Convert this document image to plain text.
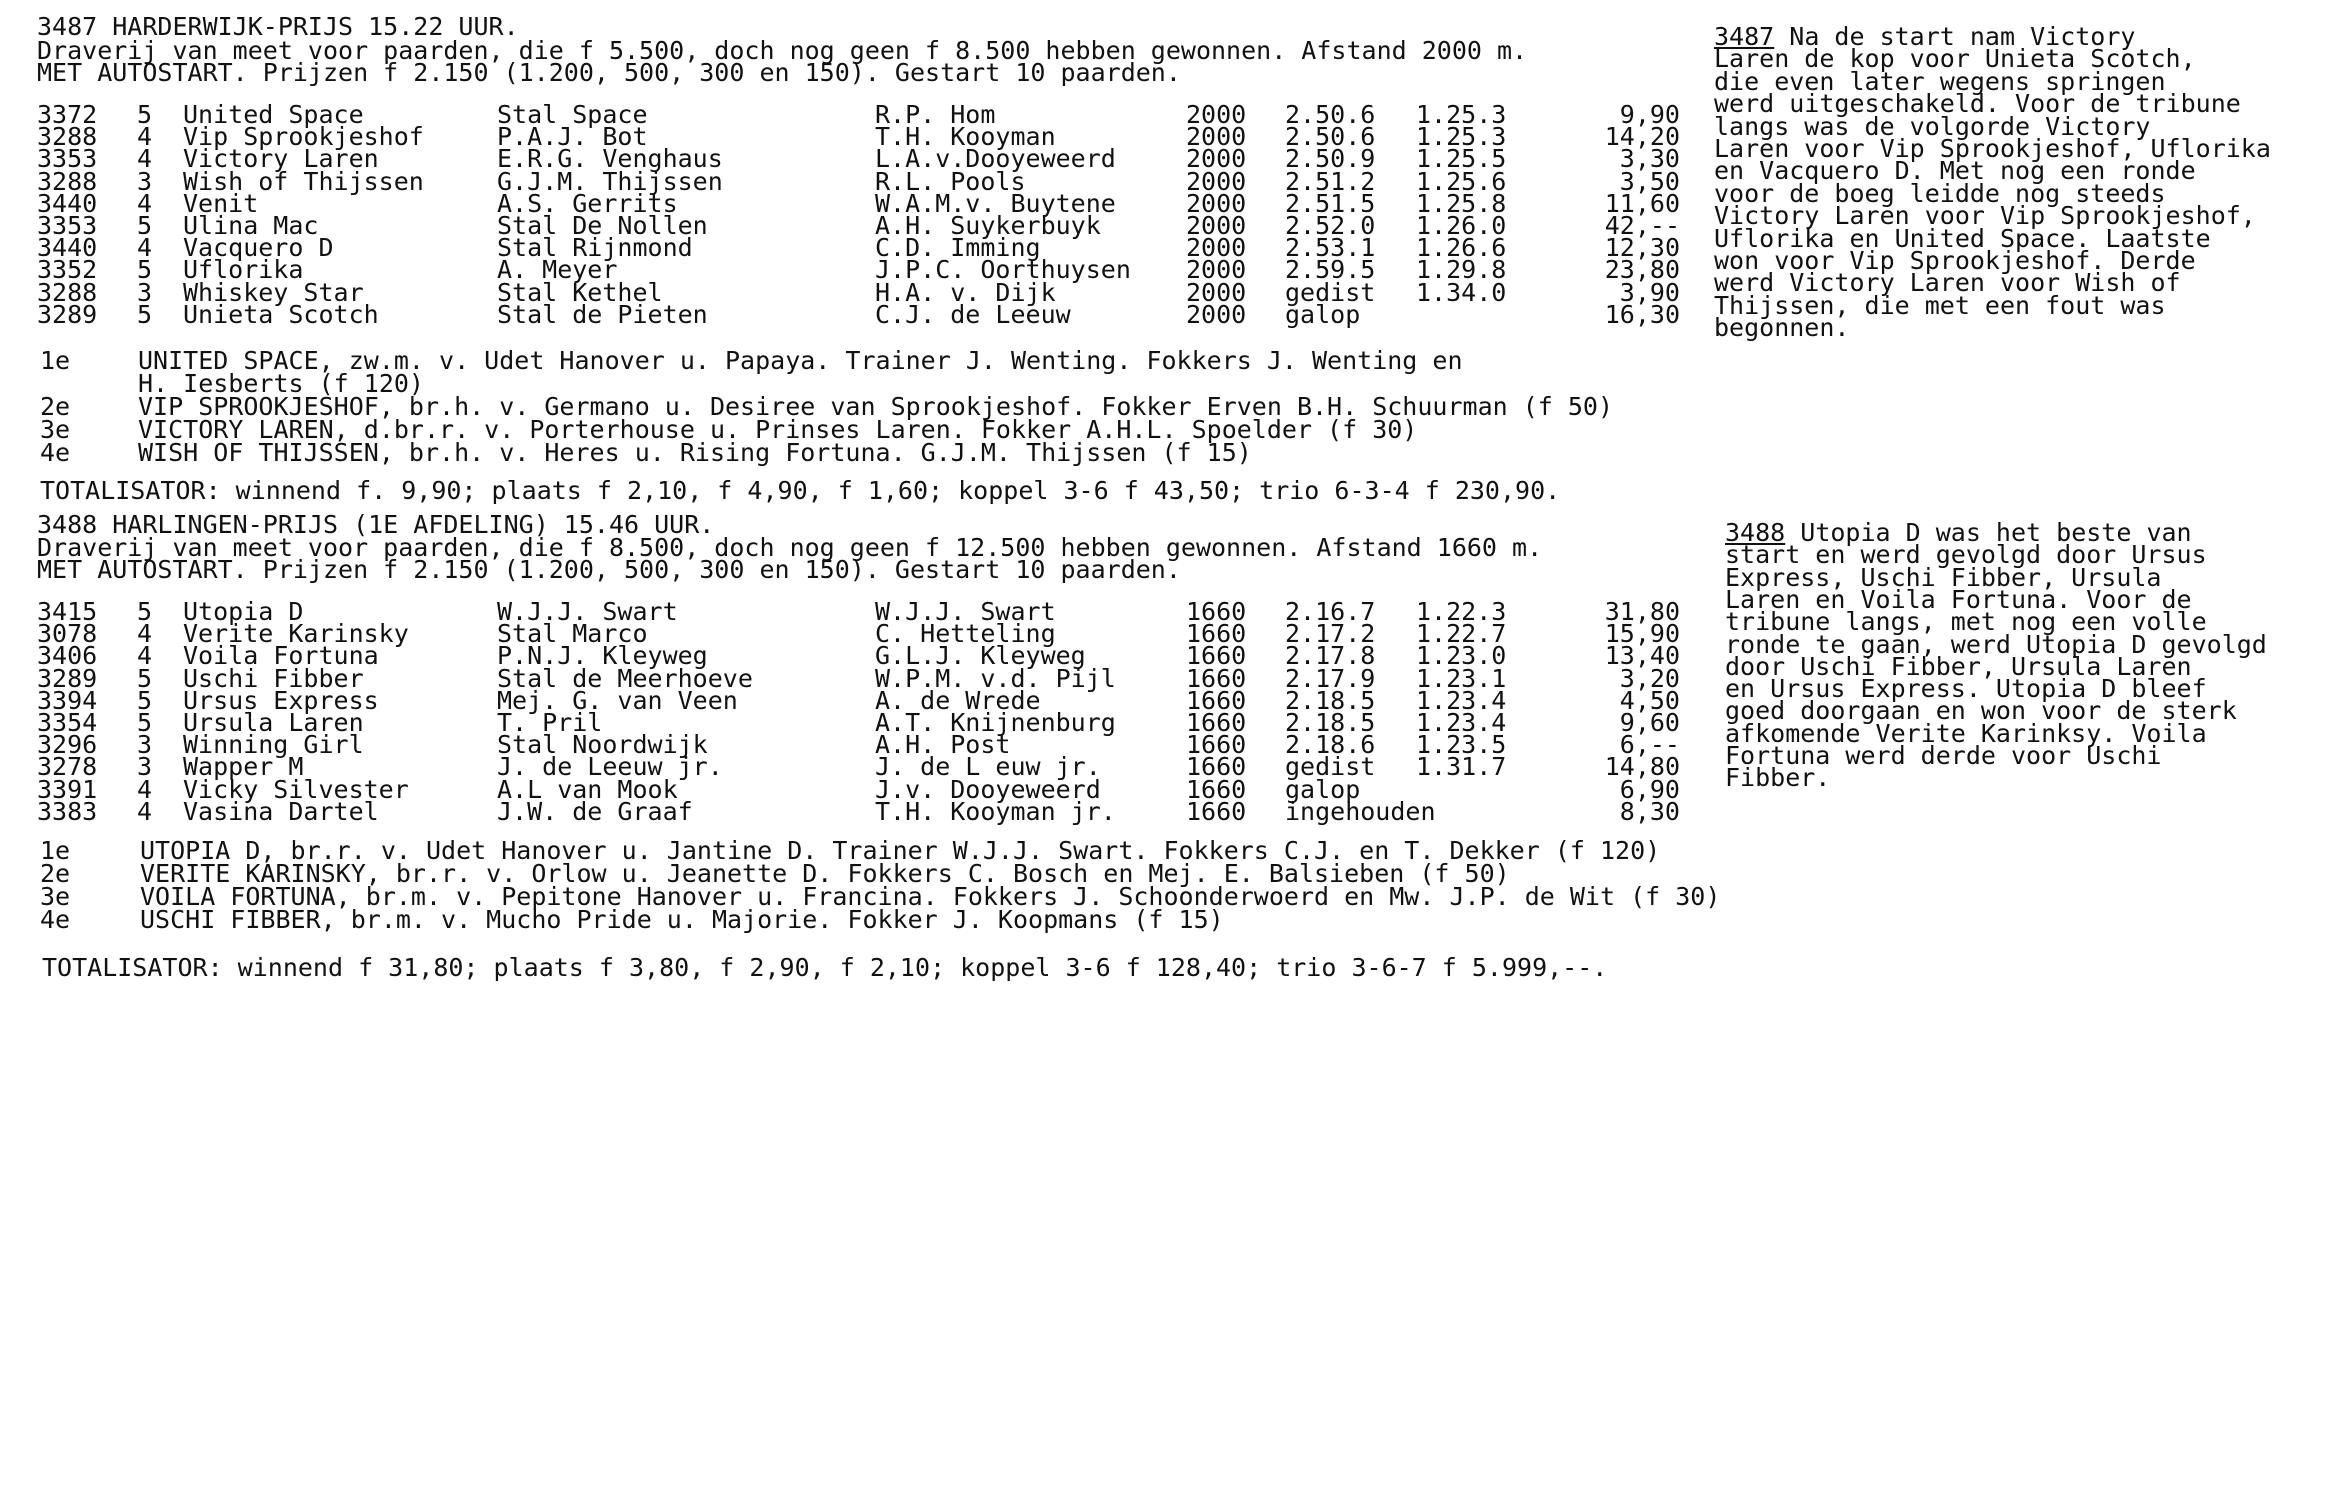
3487 HARDERWIJK-PRIJS 15.22 UUR.
Draverij van meet voor paarden, die f 5.500, doch nog geen f 8.500 hebben gewonnen. Afstand 2000 m.
MET AUTOSTART. Prijzen f 2.150 (1.200, 500, 300 en 150). Gestart 10 paarden.
3372	5 United Space	Stal Space	R.P. Hom	2000	2.50.6	1.25.3	9,90
3288	4 Vip Sprookjeshof	P.A.J. Bot	T.H. Kooyman	2000	2.50.6	1.25.3	14,20
3353	4 Victory Laren	E.R.G. Venghaus	L.A.v.Dooyeweerd	2000	2.50.9	1.25.5	3,30
3288	3 Wish of Thijssen	G.J.M. Thijssen	R.L. Pools	2000	2.51.2	1.25.6	3,50
3440	4 Venit	A.S. Gerrits	W.A.M.v. Buytene	2000	2.51.5	1.25.8	11,60
3353	5 Ulina Mac	Stal De Nollen	A.H. Suykerbuyk	2000	2.52.0	1.26.0	42,--
3440	4 Vacquero D	Stal Rijnmond	C.D. Imming	2000	2.53.1	1.26.6	12,30
3352	5 Uflorika	A. Meyer	J.P.C. Oorthuysen	2000	2.59.5	1.29.8	23,80
3288	3 Whiskey Star	Stal Kethel	H.A. v. Dijk	2000	gedist	1.34.0	3,90
3289	5 Unieta Scotch	Stal de Pieten	C.J. de Leeuw	2000	galop	16,30
1e	UNITED SPACE, zw.m. v. Udet Hanover u. Papaya. Trainer J. Wenting. Fokkers J. Wenting en
H. Iesberts (f 120)
2e	VIP SPROOKJESHOF, br.h. v. Germano u. Desiree van Sprookjeshof. Fokker Erven B.H. Schuurman (f 50)
3e	VICTORY LAREN, d.br.r. v. Porterhouse u. Prinses Laren. Fokker A.H.L. Spoelder (f 30)
4e	WISH OF THIJSSEN, br.h. v. Heres u. Rising Fortuna. G.J.M. Thijssen (f 15)
TOTALISATOR: winnend f. 9,90; plaats f 2,10, f 4,90, f 1,60; koppel 3-6 f 43,50; trio 6-3-4 f 230,90.
3487 Na de start nam Victory
Laren de kop voor Unieta Scotch,
die even later wegens springen
werd uitgeschakeld. Voor de tribune
langs was de volgorde Victory
Laren voor Vip Sprookjeshof, Uflorika
en Vacquero D. Met nog een ronde
voor de boeg leidde nog steeds
Victory Laren voor Vip Sprookjeshof,
Uflorika en United Space. Laatste
won voor Vip Sprookjeshof. Derde
werd Victory Laren voor Wish of
Thijssen, die met een fout was
begonnen.
3488 HARLINGEN-PRIJS (1E AFDELING) 15.46 UUR.
Draverij van meet voor paarden, die f 8.500, doch nog geen f 12.500 hebben gewonnen. Afstand 1660 m.
MET AUTOSTART. Prijzen f 2.150 (1.200, 500, 300 en 150). Gestart 10 paarden.
3415	5 Utopia D	W.J.J. Swart	W.J.J. Swart	1660	2.16.7	1.22.3	31,80
3078	4 Verite Karinsky	Stal Marco	C. Hetteling	1660	2.17.2	1.22.7	15,90
3406	4 Voila Fortuna	P.N.J. Kleyweg	G.L.J. Kleyweg	1660	2.17.8	1.23.0	13,40
3289	5 Uschi Fibber	Stal de Meerhoeve	W.P.M. v.d. Pijl	1660	2.17.9	1.23.1	3,20
3394	5 Ursus Express	Mej. G. van Veen	A. de Wrede	1660	2.18.5	1.23.4	4,50
3354	5 Ursula Laren	T. Pril	A.T. Knijnenburg	1660	2.18.5	1.23.4	9,60
3296	3 Winning Girl	Stal Noordwijk	A.H. Post	1660	2.18.6	1.23.5	6,--
3278	3 Wapper M	J. de Leeuw jr.	J. de L euw jr.	1660	gedist	1.31.7	14,80
3391	4 Vicky Silvester	A.L van Mook	J.v. Dooyeweerd	1660	galop	6,90
3383	4 Vasina Dartel	J.W. de Graaf	T.H. Kooyman jr.	1660	ingehouden	8,30
1e	UTOPIA D, br.r. v. Udet Hanover u. Jantine D. Trainer W.J.J. Swart. Fokkers C.J. en T. Dekker (f 120)
2e	VERITE KARINSKY, br.r. v. Orlow u. Jeanette D. Fokkers C. Bosch en Mej. E. Balsieben (f 50)
3e	VOILA FORTUNA, br.m. v. Pepitone Hanover u. Francina. Fokkers J. Schoonderwoerd en Mw. J.P. de Wit (f 30)
4e	USCHI FIBBER, br.m. v. Mucho Pride u. Majorie. Fokker J. Koopmans (f 15)
TOTALISATOR: winnend f 31,80; plaats f 3,80, f 2,90, f 2,10; koppel 3-6 f 128,40; trio 3-6-7 f 5.999,--.
3488 Utopia D was het beste van
start en werd gevolgd door Ursus
Express, Uschi Fibber, Ursula
Laren en Voila Fortuna. Voor de
tribune langs, met nog een volle
ronde te gaan, werd Utopia D gevolgd
door Uschi Fibber, Ursula Laren
en Ursus Express. Utopia D bleef
goed doorgaan en won voor de sterk
afkomende Verite Karinksy. Voila
Fortuna werd derde voor Uschi
Fibber.
